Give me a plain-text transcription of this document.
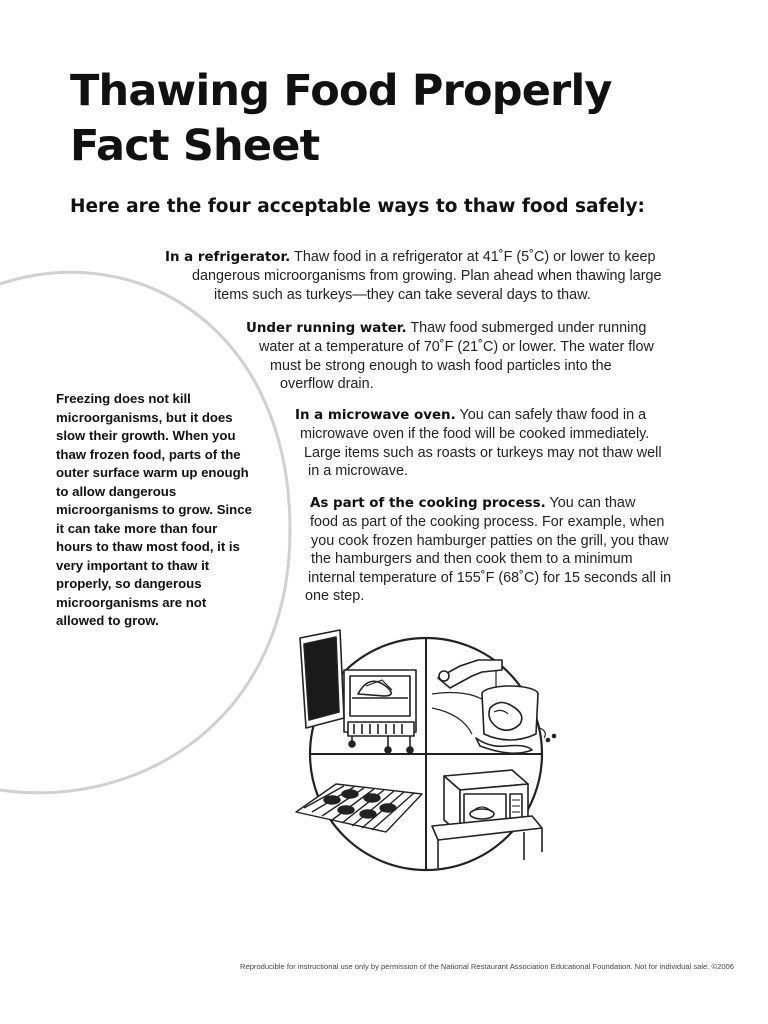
Thawing Food Properly
Fact Sheet
Here are the four acceptable ways to thaw food safely:
In a refrigerator. Thaw food in a refrigerator at 41˚F (5˚C) or lower to keep
dangerous microorganisms from growing. Plan ahead when thawing large
items such as turkeys—they can take several days to thaw.
Under running water. Thaw food submerged under running
water at a temperature of 70˚F (21˚C) or lower. The water flow
must be strong enough to wash food particles into the
overflow drain.
In a microwave oven. You can safely thaw food in a
microwave oven if the food will be cooked immediately.
Large items such as roasts or turkeys may not thaw well
in a microwave.
As part of the cooking process. You can thaw
food as part of the cooking process. For example, when
you cook frozen hamburger patties on the grill, you thaw
the hamburgers and then cook them to a minimum
internal temperature of 155˚F (68˚C) for 15 seconds all in
one step.
Freezing does not kill
microorganisms, but it does
slow their growth. When you
thaw frozen food, parts of the
outer surface warm up enough
to allow dangerous
microorganisms to grow. Since
it can take more than four
hours to thaw most food, it is
very important to thaw it
properly, so dangerous
microorganisms are not
allowed to grow.
Reproducible for instructional use only by permission of the National Restaurant Association Educational Foundation. Not for individual sale. ©2006
